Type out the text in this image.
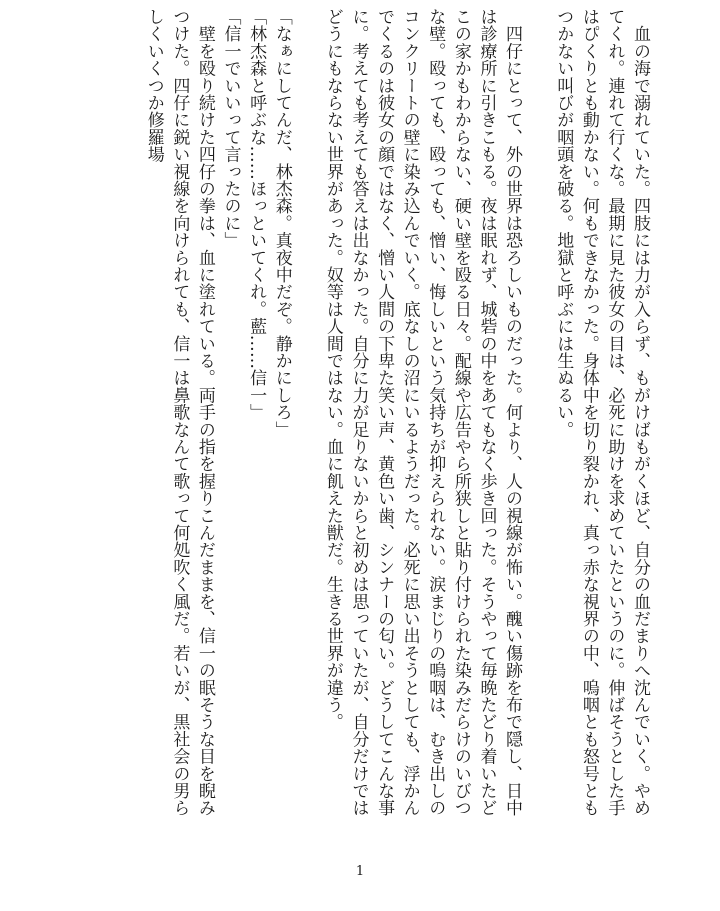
　血の海で溺れていた。四肢には力が入らず、もがけばもがくほど、自分の血だまりへ沈んでいく。やめてくれ。連れて行くな。最期に見た彼女の目は、必死に助けを求めていたというのに。伸ばそうとした手はぴくりとも動かない。何もできなかった。身体中を切り裂かれ、真っ赤な視界の中、嗚咽とも怒号ともつかない叫びが咽頭を破る。地獄と呼ぶには生ぬるい。

　四仔にとって、外の世界は恐ろしいものだった。何より、人の視線が怖い。醜い傷跡を布で隠し、日中は診療所に引きこもる。夜は眠れず、城砦の中をあてもなく歩き回った。そうやって毎晩たどり着いたどこの家かもわからない、硬い壁を殴る日々。配線や広告やら所狭しと貼り付けられた染みだらけのいびつな壁。殴っても、殴っても、憎い、悔しいという気持ちが抑えられない。涙まじりの嗚咽は、むき出しのコンクリートの壁に染み込んでいく。底なしの沼にいるようだった。必死に思い出そうとしても、浮かんでくるのは彼女の顔ではなく、憎い人間の下卑た笑い声、黄色い歯、シンナーの匂い。どうしてこんな事に。考えても考えても答えは出なかった。自分に力が足りないからと初めは思っていたが、自分だけではどうにもならない世界があった。奴等は人間ではない。血に飢えた獣だ。生きる世界が違う。

「なぁにしてんだ、林杰森。真夜中だぞ。静かにしろ」

「林杰森と呼ぶな……ほっといてくれ。藍……信一」

「信一でいいって言ったのに」

　壁を殴り続けた四仔の拳は、血に塗れている。両手の指を握りこんだままを、信一の眠そうな目を睨みつけた。四仔に鋭い視線を向けられても、信一は鼻歌なんて歌って何処吹く風だ。若いが、黒社会の男らしくいくつか修羅場

1
